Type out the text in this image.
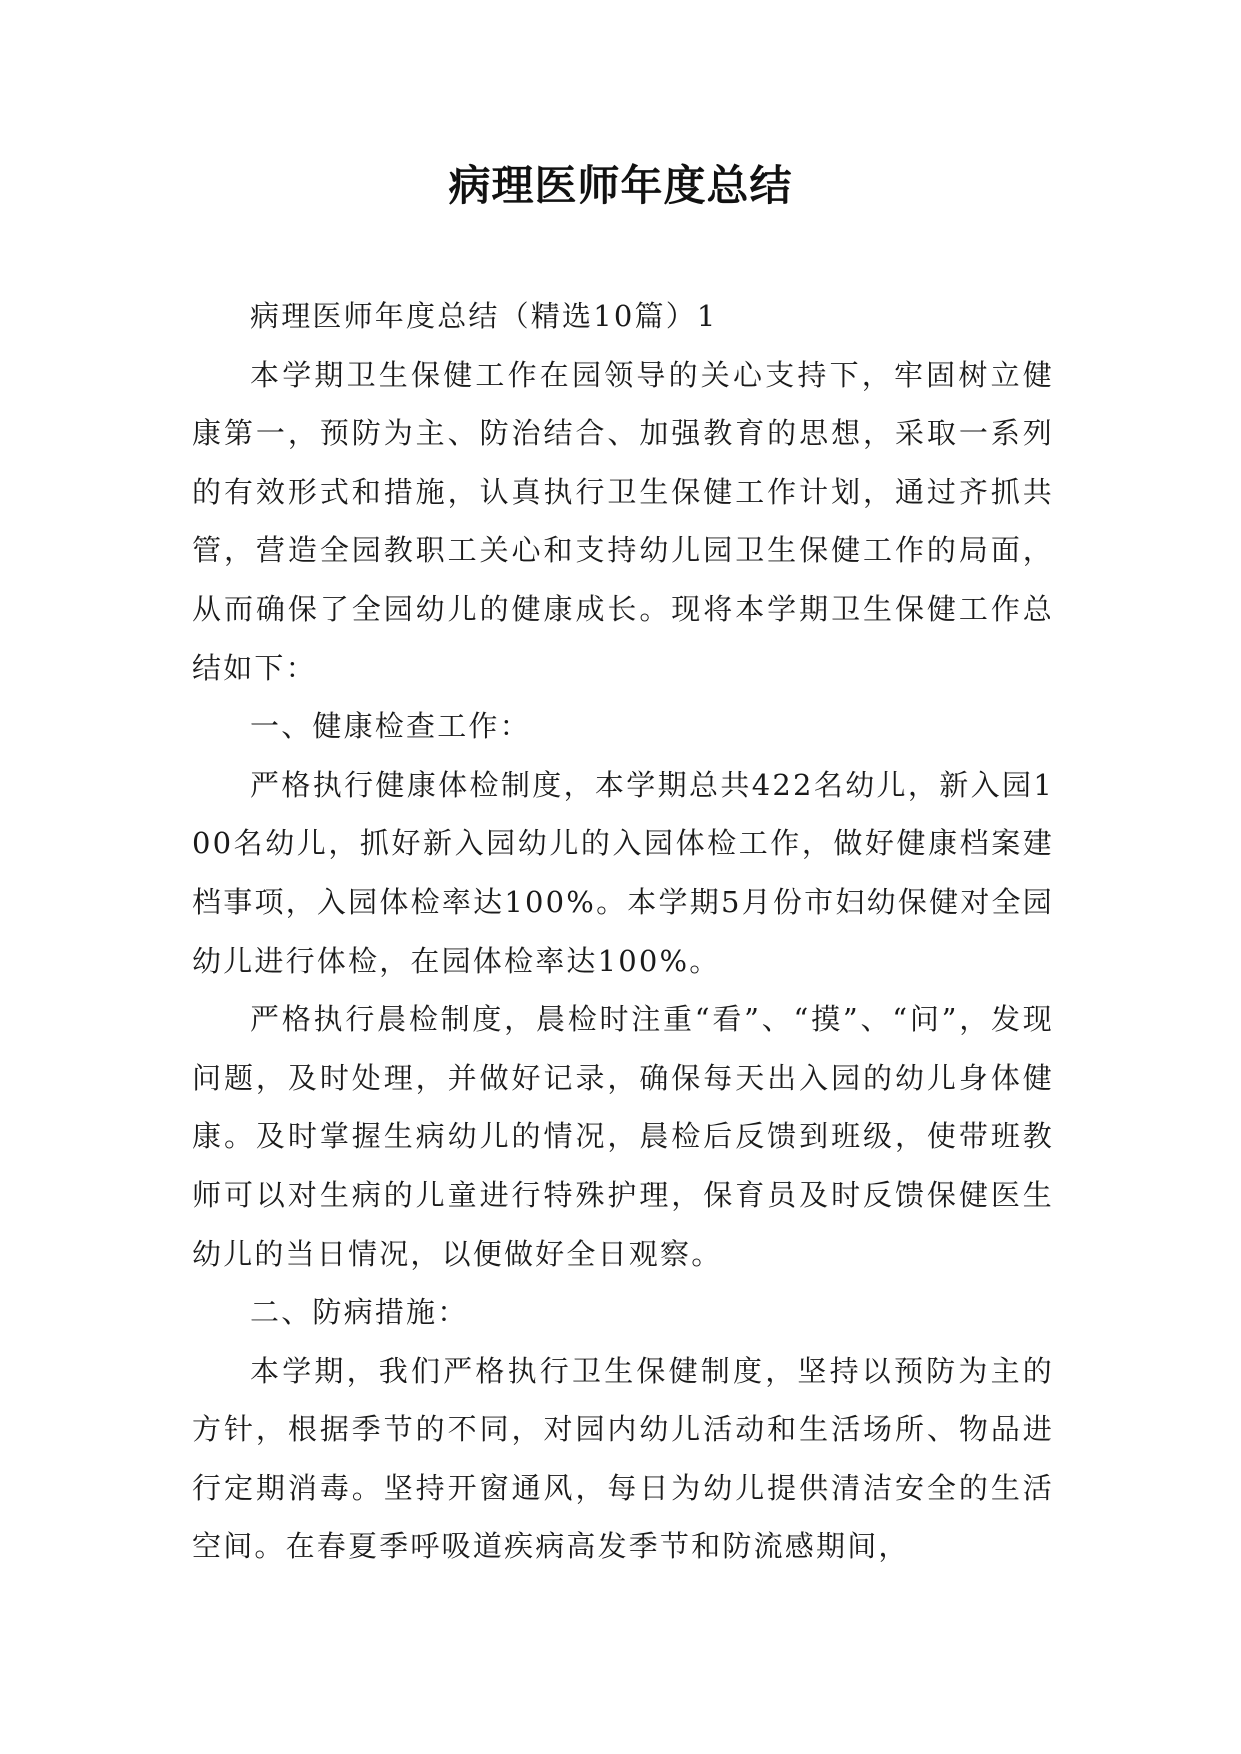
病理医师年度总结

病理医师年度总结（精选10篇）1

本学期卫生保健工作在园领导的关心支持下，牢固树立健康第一，预防为主、防治结合、加强教育的思想，采取一系列的有效形式和措施，认真执行卫生保健工作计划，通过齐抓共管，营造全园教职工关心和支持幼儿园卫生保健工作的局面，从而确保了全园幼儿的健康成长。现将本学期卫生保健工作总结如下：

一、健康检查工作：

严格执行健康体检制度，本学期总共422名幼儿，新入园100名幼儿，抓好新入园幼儿的入园体检工作，做好健康档案建档事项，入园体检率达100%。本学期5月份市妇幼保健对全园幼儿进行体检，在园体检率达100%。

严格执行晨检制度，晨检时注重“看”、“摸”、“问”，发现问题，及时处理，并做好记录，确保每天出入园的幼儿身体健康。及时掌握生病幼儿的情况，晨检后反馈到班级，使带班教师可以对生病的儿童进行特殊护理，保育员及时反馈保健医生幼儿的当日情况，以便做好全日观察。

二、防病措施：

本学期，我们严格执行卫生保健制度，坚持以预防为主的方针，根据季节的不同，对园内幼儿活动和生活场所、物品进行定期消毒。坚持开窗通风，每日为幼儿提供清洁安全的生活空间。在春夏季呼吸道疾病高发季节和防流感期间，
